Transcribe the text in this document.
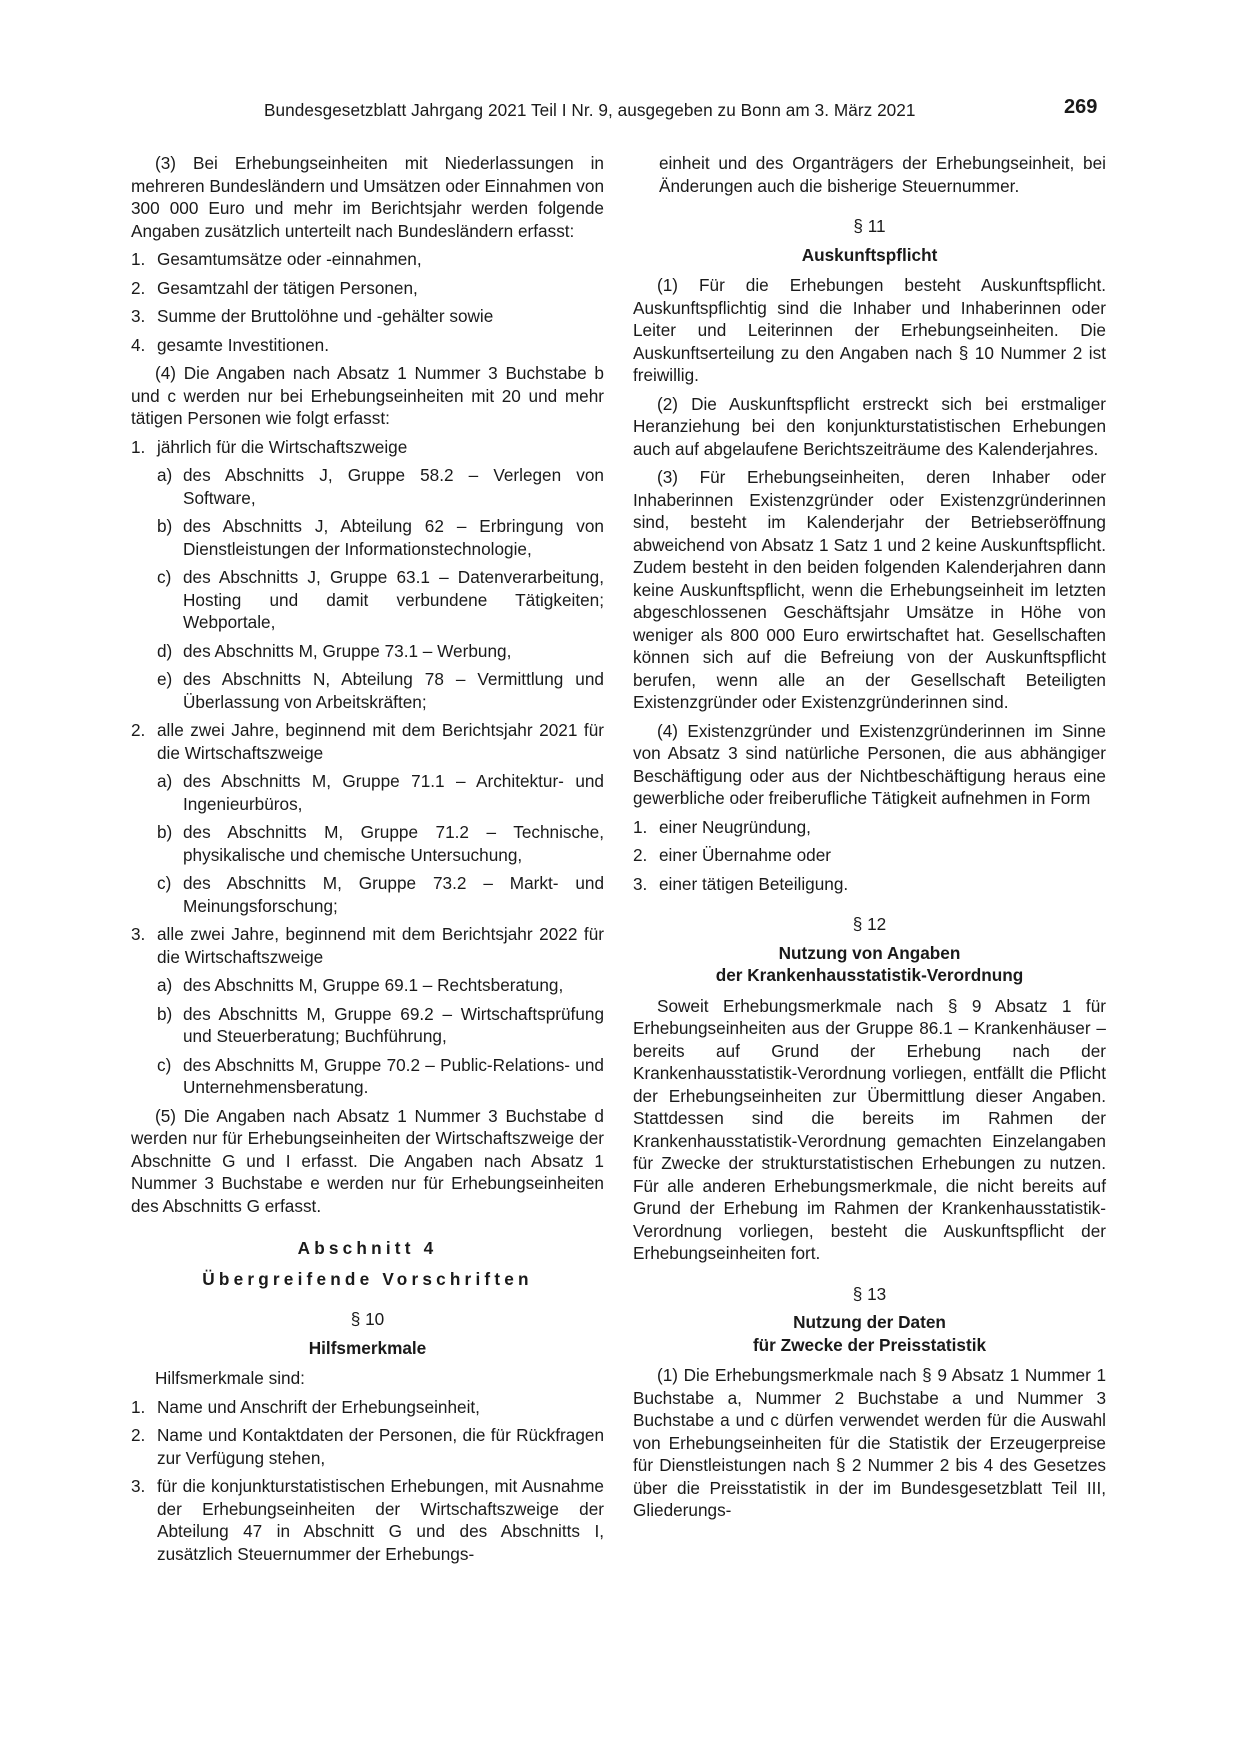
Bundesgesetzblatt Jahrgang 2021 Teil I Nr. 9, ausgegeben zu Bonn am 3. März 2021	269

(3) Bei Erhebungseinheiten mit Niederlassungen in mehreren Bundesländern und Umsätzen oder Einnahmen von 300 000 Euro und mehr im Berichtsjahr werden folgende Angaben zusätzlich unterteilt nach Bundesländern erfasst:

1. Gesamtumsätze oder -einnahmen,
2. Gesamtzahl der tätigen Personen,
3. Summe der Bruttolöhne und -gehälter sowie
4. gesamte Investitionen.

(4) Die Angaben nach Absatz 1 Nummer 3 Buchstabe b und c werden nur bei Erhebungseinheiten mit 20 und mehr tätigen Personen wie folgt erfasst:

1. jährlich für die Wirtschaftszweige
a) des Abschnitts J, Gruppe 58.2 – Verlegen von Software,
b) des Abschnitts J, Abteilung 62 – Erbringung von Dienstleistungen der Informationstechnologie,
c) des Abschnitts J, Gruppe 63.1 – Datenverarbeitung, Hosting und damit verbundene Tätigkeiten; Webportale,
d) des Abschnitts M, Gruppe 73.1 – Werbung,
e) des Abschnitts N, Abteilung 78 – Vermittlung und Überlassung von Arbeitskräften;
2. alle zwei Jahre, beginnend mit dem Berichtsjahr 2021 für die Wirtschaftszweige
a) des Abschnitts M, Gruppe 71.1 – Architektur- und Ingenieurbüros,
b) des Abschnitts M, Gruppe 71.2 – Technische, physikalische und chemische Untersuchung,
c) des Abschnitts M, Gruppe 73.2 – Markt- und Meinungsforschung;
3. alle zwei Jahre, beginnend mit dem Berichtsjahr 2022 für die Wirtschaftszweige
a) des Abschnitts M, Gruppe 69.1 – Rechtsberatung,
b) des Abschnitts M, Gruppe 69.2 – Wirtschaftsprüfung und Steuerberatung; Buchführung,
c) des Abschnitts M, Gruppe 70.2 – Public-Relations- und Unternehmensberatung.

(5) Die Angaben nach Absatz 1 Nummer 3 Buchstabe d werden nur für Erhebungseinheiten der Wirtschaftszweige der Abschnitte G und I erfasst. Die Angaben nach Absatz 1 Nummer 3 Buchstabe e werden nur für Erhebungseinheiten des Abschnitts G erfasst.

Abschnitt 4
Übergreifende Vorschriften
§ 10
Hilfsmerkmale

Hilfsmerkmale sind:

1. Name und Anschrift der Erhebungseinheit,
2. Name und Kontaktdaten der Personen, die für Rückfragen zur Verfügung stehen,
3. für die konjunkturstatistischen Erhebungen, mit Ausnahme der Erhebungseinheiten der Wirtschaftszweige der Abteilung 47 in Abschnitt G und des Abschnitts I, zusätzlich Steuernummer der Erhebungs-

einheit und des Organträgers der Erhebungseinheit, bei Änderungen auch die bisherige Steuernummer.

§ 11
Auskunftspflicht

(1) Für die Erhebungen besteht Auskunftspflicht. Auskunftspflichtig sind die Inhaber und Inhaberinnen oder Leiter und Leiterinnen der Erhebungseinheiten. Die Auskunftserteilung zu den Angaben nach § 10 Nummer 2 ist freiwillig.

(2) Die Auskunftspflicht erstreckt sich bei erstmaliger Heranziehung bei den konjunkturstatistischen Erhebungen auch auf abgelaufene Berichtszeiträume des Kalenderjahres.

(3) Für Erhebungseinheiten, deren Inhaber oder Inhaberinnen Existenzgründer oder Existenzgründerinnen sind, besteht im Kalenderjahr der Betriebseröffnung abweichend von Absatz 1 Satz 1 und 2 keine Auskunftspflicht. Zudem besteht in den beiden folgenden Kalenderjahren dann keine Auskunftspflicht, wenn die Erhebungseinheit im letzten abgeschlossenen Geschäftsjahr Umsätze in Höhe von weniger als 800 000 Euro erwirtschaftet hat. Gesellschaften können sich auf die Befreiung von der Auskunftspflicht berufen, wenn alle an der Gesellschaft Beteiligten Existenzgründer oder Existenzgründerinnen sind.

(4) Existenzgründer und Existenzgründerinnen im Sinne von Absatz 3 sind natürliche Personen, die aus abhängiger Beschäftigung oder aus der Nichtbeschäftigung heraus eine gewerbliche oder freiberufliche Tätigkeit aufnehmen in Form

1. einer Neugründung,
2. einer Übernahme oder
3. einer tätigen Beteiligung.
§ 12
Nutzung von Angaben
der Krankenhausstatistik-Verordnung

Soweit Erhebungsmerkmale nach § 9 Absatz 1 für Erhebungseinheiten aus der Gruppe 86.1 – Krankenhäuser – bereits auf Grund der Erhebung nach der Krankenhausstatistik-Verordnung vorliegen, entfällt die Pflicht der Erhebungseinheiten zur Übermittlung dieser Angaben. Stattdessen sind die bereits im Rahmen der Krankenhausstatistik-Verordnung gemachten Einzelangaben für Zwecke der strukturstatistischen Erhebungen zu nutzen. Für alle anderen Erhebungsmerkmale, die nicht bereits auf Grund der Erhebung im Rahmen der Krankenhausstatistik-Verordnung vorliegen, besteht die Auskunftspflicht der Erhebungseinheiten fort.

§ 13
Nutzung der Daten
für Zwecke der Preisstatistik

(1) Die Erhebungsmerkmale nach § 9 Absatz 1 Nummer 1 Buchstabe a, Nummer 2 Buchstabe a und Nummer 3 Buchstabe a und c dürfen verwendet werden für die Auswahl von Erhebungseinheiten für die Statistik der Erzeugerpreise für Dienstleistungen nach § 2 Nummer 2 bis 4 des Gesetzes über die Preisstatistik in der im Bundesgesetzblatt Teil III, Gliederungs-
